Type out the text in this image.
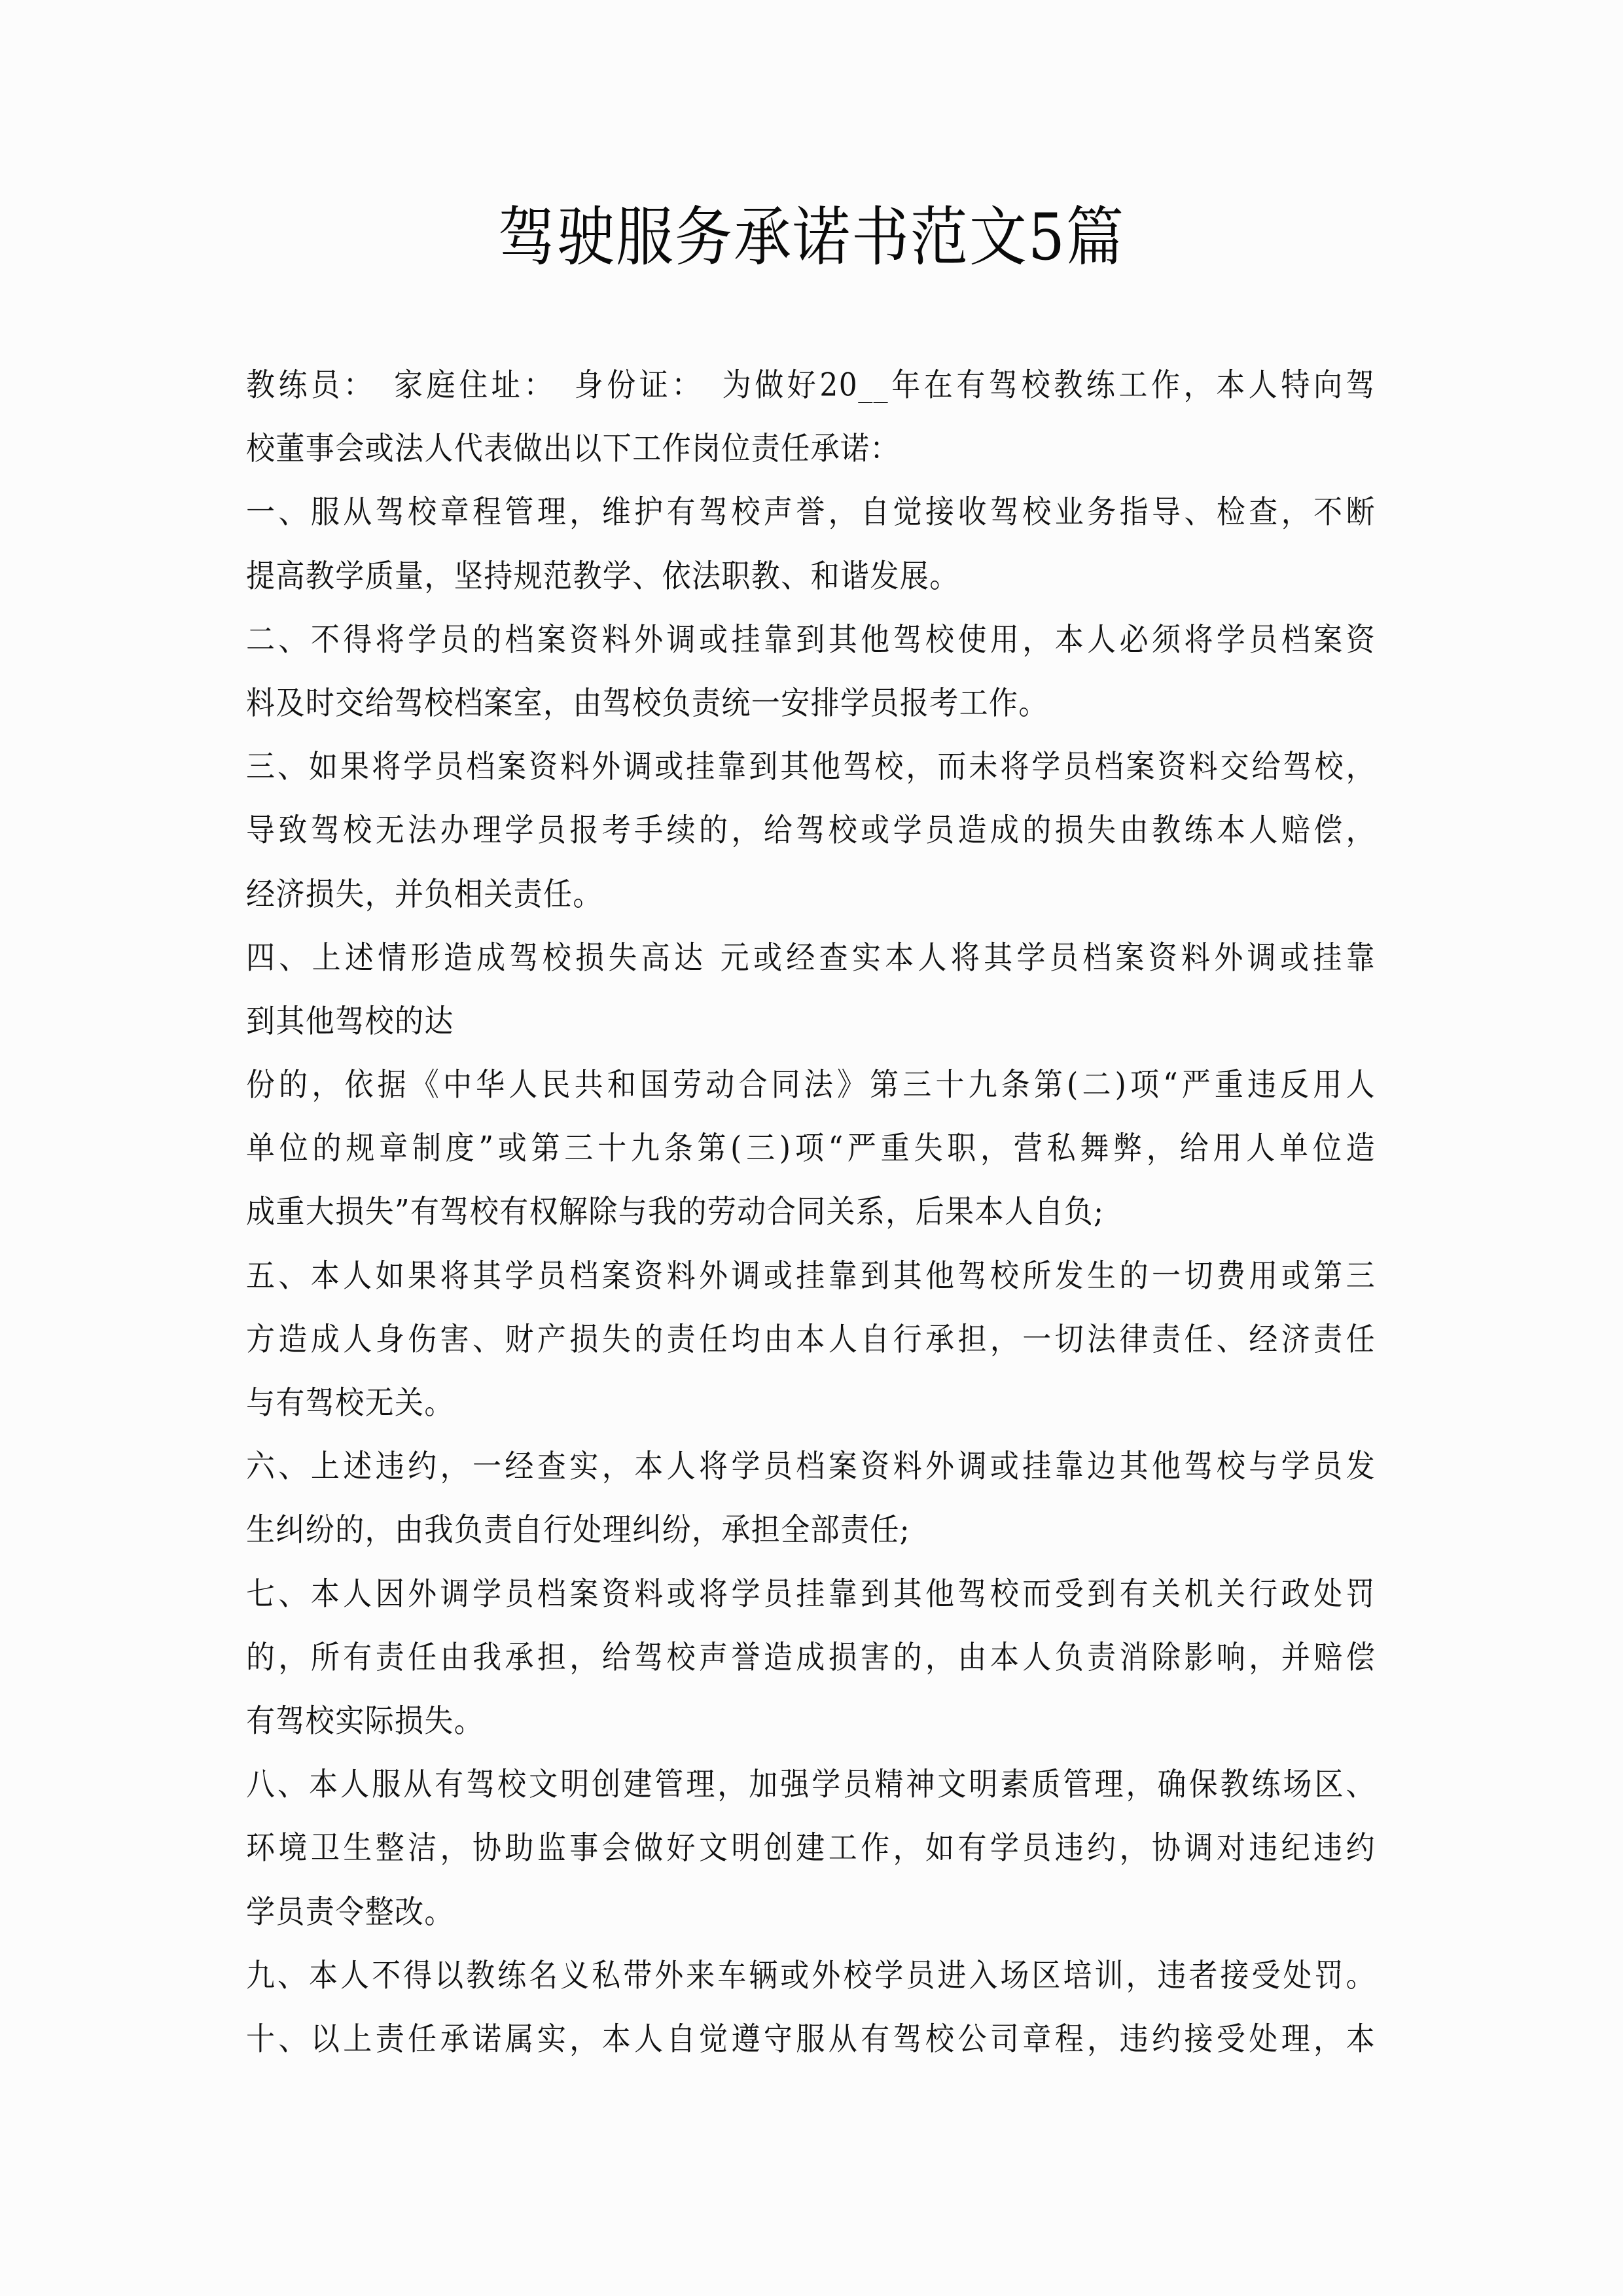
驾驶服务承诺书范文5篇
教练员：　家庭住址：　身份证：　为做好20__年在有驾校教练工作，本人特向驾
校董事会或法人代表做出以下工作岗位责任承诺：
一、服从驾校章程管理，维护有驾校声誉，自觉接收驾校业务指导、检查，不断
提高教学质量，坚持规范教学、依法职教、和谐发展。
二、不得将学员的档案资料外调或挂靠到其他驾校使用，本人必须将学员档案资
料及时交给驾校档案室，由驾校负责统一安排学员报考工作。
三、如果将学员档案资料外调或挂靠到其他驾校，而未将学员档案资料交给驾校，
导致驾校无法办理学员报考手续的，给驾校或学员造成的损失由教练本人赔偿，
经济损失，并负相关责任。
四、上述情形造成驾校损失高达 元或经查实本人将其学员档案资料外调或挂靠
到其他驾校的达
份的，依据《中华人民共和国劳动合同法》第三十九条第(二)项“严重违反用人
单位的规章制度”或第三十九条第(三)项“严重失职，营私舞弊，给用人单位造
成重大损失”有驾校有权解除与我的劳动合同关系，后果本人自负;
五、本人如果将其学员档案资料外调或挂靠到其他驾校所发生的一切费用或第三
方造成人身伤害、财产损失的责任均由本人自行承担，一切法律责任、经济责任
与有驾校无关。
六、上述违约，一经查实，本人将学员档案资料外调或挂靠边其他驾校与学员发
生纠纷的，由我负责自行处理纠纷，承担全部责任;
七、本人因外调学员档案资料或将学员挂靠到其他驾校而受到有关机关行政处罚
的，所有责任由我承担，给驾校声誉造成损害的，由本人负责消除影响，并赔偿
有驾校实际损失。
八、本人服从有驾校文明创建管理，加强学员精神文明素质管理，确保教练场区、
环境卫生整洁，协助监事会做好文明创建工作，如有学员违约，协调对违纪违约
学员责令整改。
九、本人不得以教练名义私带外来车辆或外校学员进入场区培训，违者接受处罚。
十、以上责任承诺属实，本人自觉遵守服从有驾校公司章程，违约接受处理，本
